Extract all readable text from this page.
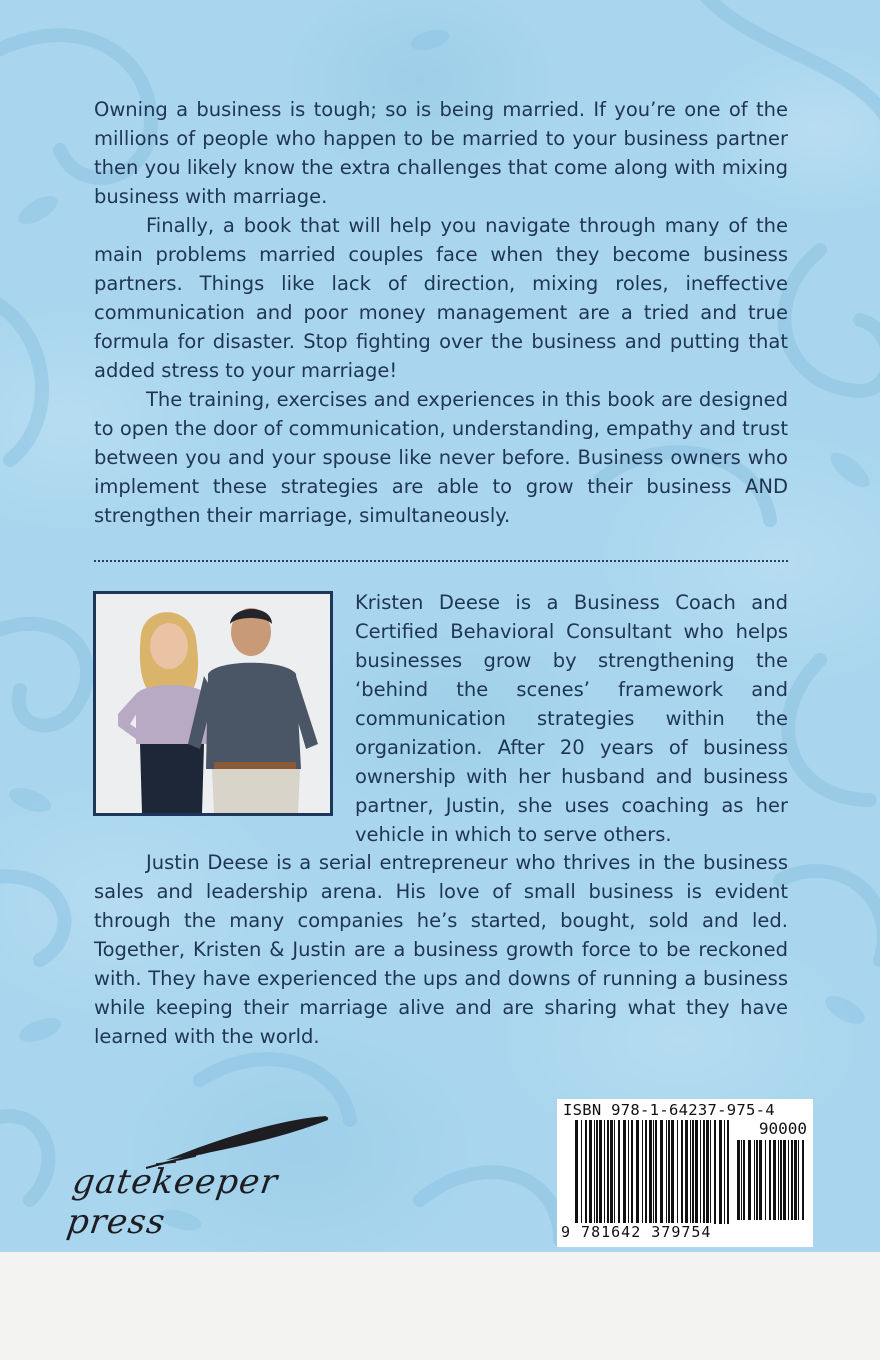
Owning a business is tough; so is being married. If you’re one of the millions of people who happen to be married to your business partner then you likely know the extra challenges that come along with mixing business with marriage.

Finally, a book that will help you navigate through many of the main problems married couples face when they become business partners. Things like lack of direction, mixing roles, ineffective communication and poor money management are a tried and true formula for disaster. Stop fighting over the business and putting that added stress to your marriage!

The training, exercises and experiences in this book are designed to open the door of communication, understanding, empathy and trust between you and your spouse like never before. Business owners who implement these strategies are able to grow their business AND strengthen their marriage, simultaneously.

Kristen Deese is a Business Coach and Certified Behavioral Consultant who helps businesses grow by strengthening the ‘behind the scenes’ framework and communication strategies within the organization. After 20 years of business ownership with her husband and business partner, Justin, she uses coaching as her vehicle in which to serve others.

Justin Deese is a serial entrepreneur who thrives in the business sales and leadership arena. His love of small business is evident through the many companies he’s started, bought, sold and led. Together, Kristen & Justin are a business growth force to be reckoned with. They have experienced the ups and downs of running a business while keeping their marriage alive and are sharing what they have learned with the world.

gatekeeper press
ISBN 978-1-64237-975-4
90000
9 781642 379754
